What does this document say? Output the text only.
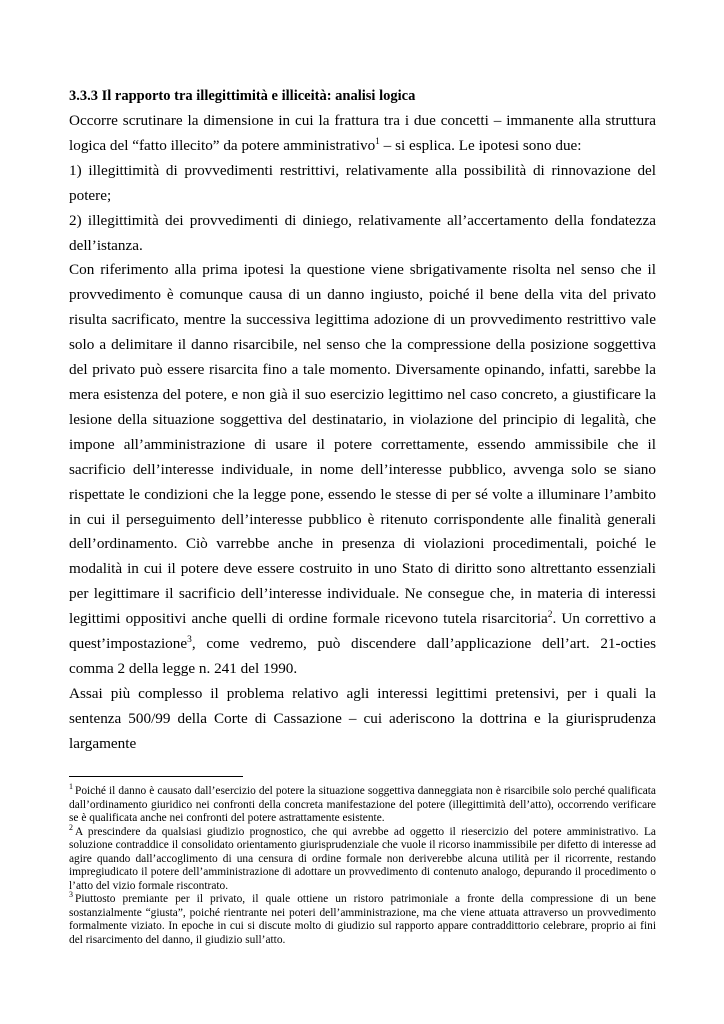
3.3.3 Il rapporto tra illegittimità e illiceità: analisi logica

Occorre scrutinare la dimensione in cui la frattura tra i due concetti – immanente alla struttura logica del “fatto illecito” da potere amministrativo$^1$ – si esplica. Le ipotesi sono due:

1) illegittimità di provvedimenti restrittivi, relativamente alla possibilità di rinnovazione del potere;

2) illegittimità dei provvedimenti di diniego, relativamente all’accertamento della fondatezza dell’istanza.

Con riferimento alla prima ipotesi la questione viene sbrigativamente risolta nel senso che il provvedimento è comunque causa di un danno ingiusto, poiché il bene della vita del privato risulta sacrificato, mentre la successiva legittima adozione di un provvedimento restrittivo vale solo a delimitare il danno risarcibile, nel senso che la compressione della posizione soggettiva del privato può essere risarcita fino a tale momento. Diversamente opinando, infatti, sarebbe la mera esistenza del potere, e non già il suo esercizio legittimo nel caso concreto, a giustificare la lesione della situazione soggettiva del destinatario, in violazione del principio di legalità, che impone all’amministrazione di usare il potere correttamente, essendo ammissibile che il sacrificio dell’interesse individuale, in nome dell’interesse pubblico, avvenga solo se siano rispettate le condizioni che la legge pone, essendo le stesse di per sé volte a illuminare l’ambito in cui il perseguimento dell’interesse pubblico è ritenuto corrispondente alle finalità generali dell’ordinamento. Ciò varrebbe anche in presenza di violazioni procedimentali, poiché le modalità in cui il potere deve essere costruito in uno Stato di diritto sono altrettanto essenziali per legittimare il sacrificio dell’interesse individuale. Ne consegue che, in materia di interessi legittimi oppositivi anche quelli di ordine formale ricevono tutela risarcitoria$^2$. Un correttivo a quest’impostazione$^3$, come vedremo, può discendere dall’applicazione dell’art. 21-octies comma 2 della legge n. 241 del 1990.

Assai più complesso il problema relativo agli interessi legittimi pretensivi, per i quali la sentenza 500/99 della Corte di Cassazione – cui aderiscono la dottrina e la giurisprudenza largamente

$^1$ Poiché il danno è causato dall’esercizio del potere la situazione soggettiva danneggiata non è risarcibile solo perché qualificata dall’ordinamento giuridico nei confronti della concreta manifestazione del potere (illegittimità dell’atto), occorrendo verificare se è qualificata anche nei confronti del potere astrattamente esistente.

$^2$ A prescindere da qualsiasi giudizio prognostico, che qui avrebbe ad oggetto il riesercizio del potere amministrativo. La soluzione contraddice il consolidato orientamento giurisprudenziale che vuole il ricorso inammissibile per difetto di interesse ad agire quando dall’accoglimento di una censura di ordine formale non deriverebbe alcuna utilità per il ricorrente, restando impregiudicato il potere dell’amministrazione di adottare un provvedimento di contenuto analogo, depurando il procedimento o l’atto del vizio formale riscontrato.

$^3$ Piuttosto premiante per il privato, il quale ottiene un ristoro patrimoniale a fronte della compressione di un bene sostanzialmente “giusta”, poiché rientrante nei poteri dell’amministrazione, ma che viene attuata attraverso un provvedimento formalmente viziato. In epoche in cui si discute molto di giudizio sul rapporto appare contraddittorio celebrare, proprio ai fini del risarcimento del danno, il giudizio sull’atto.
